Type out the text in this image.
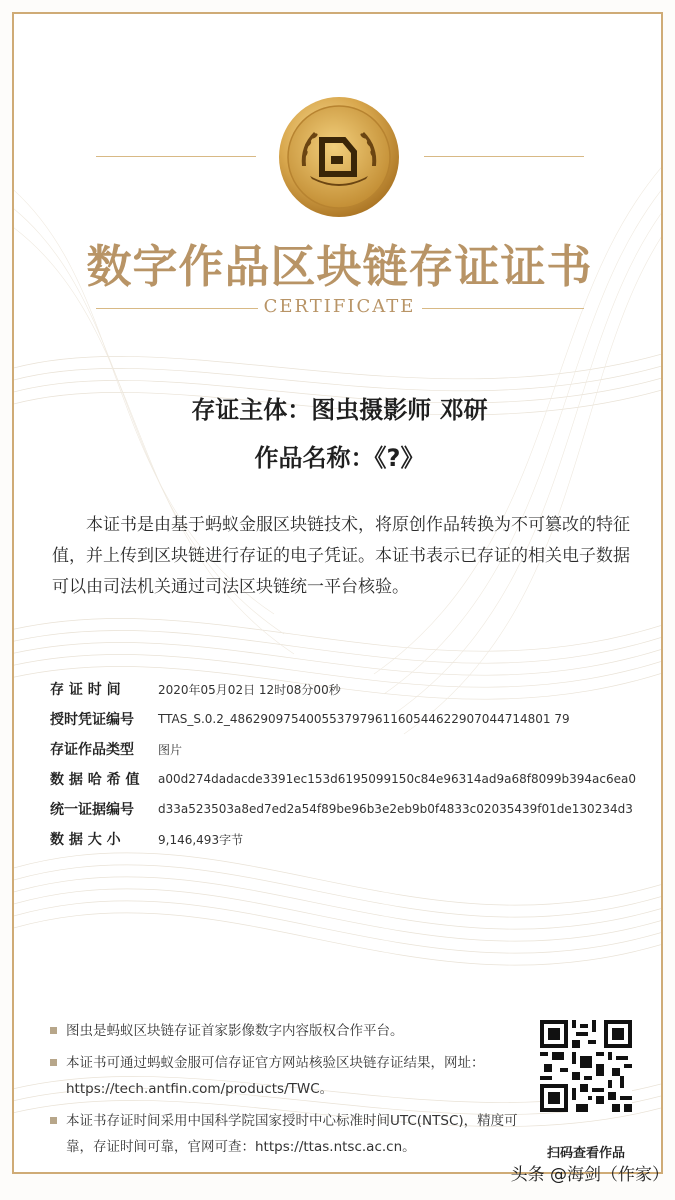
数字作品区块链存证证书
CERTIFICATE
存证主体：图虫摄影师 邓研
作品名称：《?》
本证书是由基于蚂蚁金服区块链技术，将原创作品转换为不可篡改的特征值，并上传到区块链进行存证的电子凭证。本证书表示已存证的相关电子数据可以由司法机关通过司法区块链统一平台核验。
存 证 时 间	2020年05月02日 12时08分00秒
授时凭证编号	TTAS_S.0.2_486290975400553797961160544622907044714801 79
存证作品类型	图片
数 据 哈 希 值	a00d274dadacde3391ec153d6195099150c84e96314ad9a68f8099b394ac6ea0
统一证据编号	d33a523503a8ed7ed2a54f89be96b3e2eb9b0f4833c02035439f01de130234d3
数 据 大 小	9,146,493字节
图虫是蚂蚁区块链存证首家影像数字内容版权合作平台。
本证书可通过蚂蚁金服可信存证官方网站核验区块链存证结果，网址：https://tech.antfin.com/products/TWC。
本证书存证时间采用中国科学院国家授时中心标准时间UTC(NTSC)，精度可靠，存证时间可靠，官网可查：https://ttas.ntsc.ac.cn。	扫码查看作品
头条 @海剑（作家）
